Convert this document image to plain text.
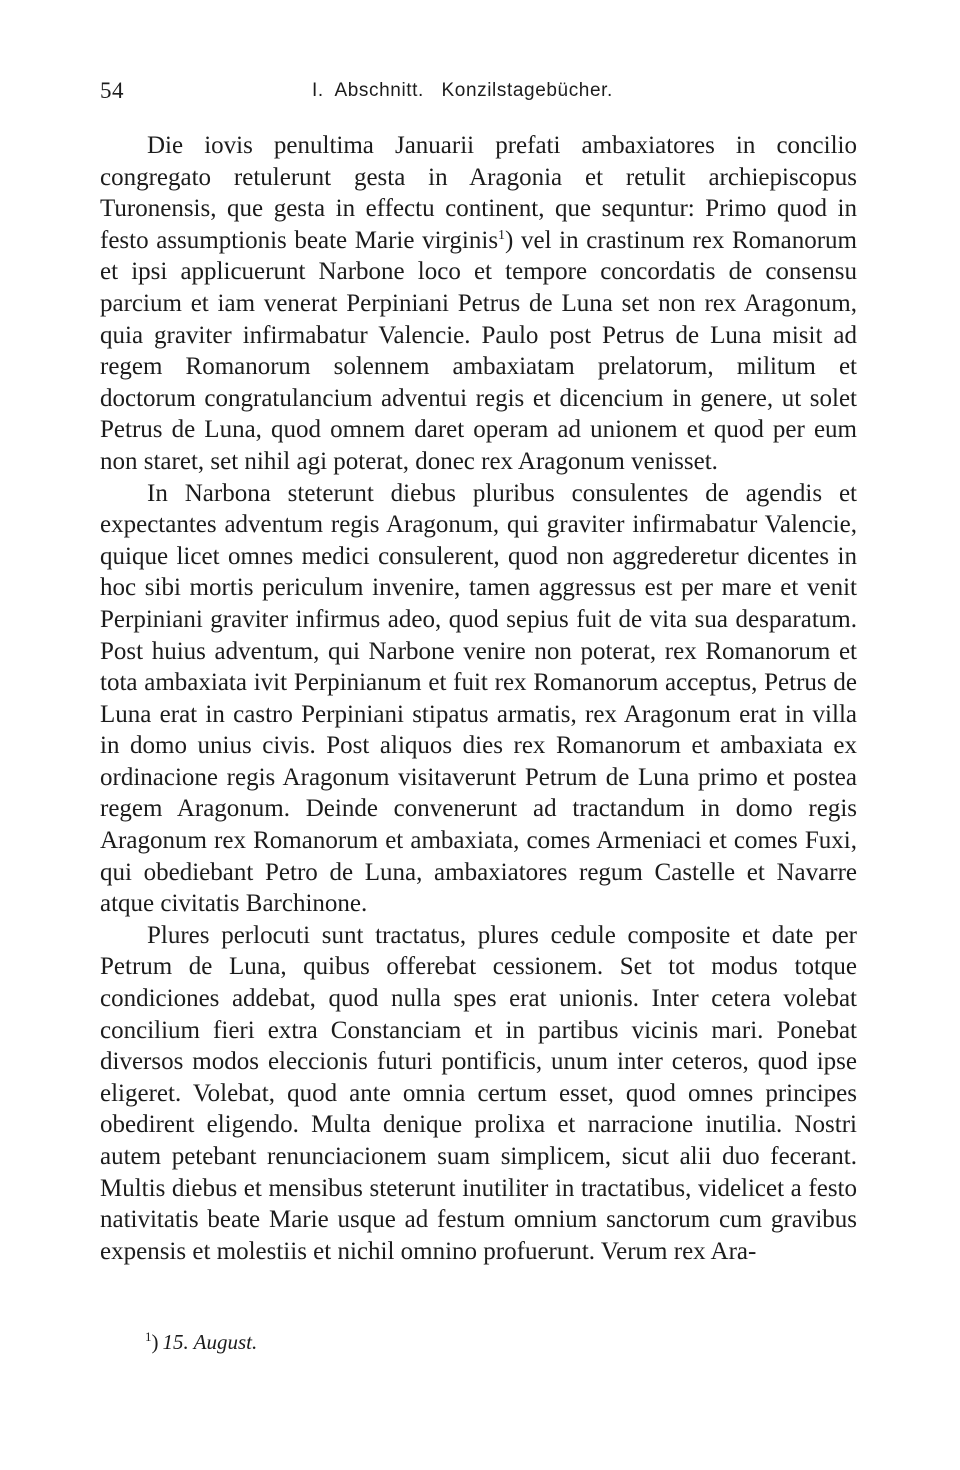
54	I.  Abschnitt.   Konzilstagebücher.

Die iovis penultima Januarii prefati ambaxiatores in concilio congregato retulerunt gesta in Aragonia et retulit archiepiscopus Turonensis, que gesta in effectu continent, que sequntur: Primo quod in festo assumptionis beate Marie virginis$^1$) vel in crastinum rex Romanorum et ipsi applicuerunt Narbone loco et tempore concordatis de consensu parcium et iam venerat Perpiniani Petrus de Luna set non rex Aragonum, quia graviter infirmabatur Valencie. Paulo post Petrus de Luna misit ad regem Romanorum solennem ambaxiatam prelatorum, militum et doctorum congratulancium adventui regis et dicencium in genere, ut solet Petrus de Luna, quod omnem daret operam ad unionem et quod per eum non staret, set nihil agi poterat, donec rex Aragonum venisset.

In Narbona steterunt diebus pluribus consulentes de agendis et expectantes adventum regis Aragonum, qui graviter infirmabatur Valencie, quique licet omnes medici consulerent, quod non aggrederetur dicentes in hoc sibi mortis periculum invenire, tamen aggressus est per mare et venit Perpiniani graviter infirmus adeo, quod sepius fuit de vita sua desparatum. Post huius adventum, qui Narbone venire non poterat, rex Romanorum et tota ambaxiata ivit Perpinianum et fuit rex Romanorum acceptus, Petrus de Luna erat in castro Perpiniani stipatus armatis, rex Aragonum erat in villa in domo unius civis. Post aliquos dies rex Romanorum et ambaxiata ex ordinacione regis Aragonum visitaverunt Petrum de Luna primo et postea regem Aragonum. Deinde convenerunt ad tractandum in domo regis Aragonum rex Romanorum et ambaxiata, comes Armeniaci et comes Fuxi, qui obediebant Petro de Luna, ambaxiatores regum Castelle et Navarre atque civitatis Barchinone.

Plures perlocuti sunt tractatus, plures cedule composite et date per Petrum de Luna, quibus offerebat cessionem. Set tot modus totque condiciones addebat, quod nulla spes erat unionis. Inter cetera volebat concilium fieri extra Constanciam et in partibus vicinis mari. Ponebat diversos modos eleccionis futuri pontificis, unum inter ceteros, quod ipse eligeret. Volebat, quod ante omnia certum esset, quod omnes principes obedirent eligendo. Multa denique prolixa et narracione inutilia. Nostri autem petebant renunciacionem suam simplicem, sicut alii duo fecerant. Multis diebus et mensibus steterunt inutiliter in tractatibus, videlicet a festo nativitatis beate Marie usque ad festum omnium sanctorum cum gravibus expensis et molestiis et nichil omnino profuerunt. Verum rex Ara-

$^1$) 15. August.
